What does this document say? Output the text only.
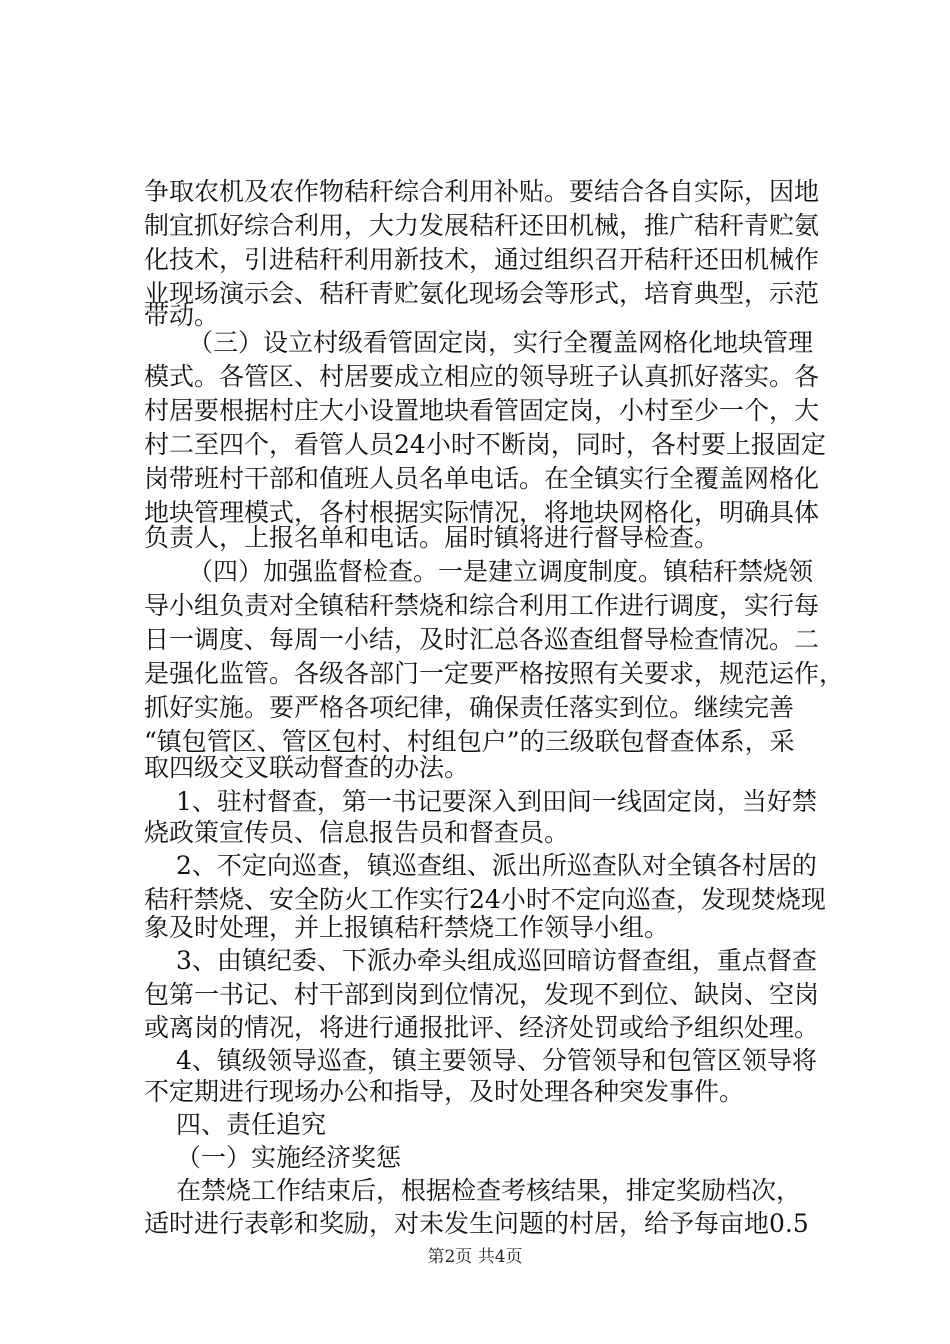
争取农机及农作物秸秆综合利用补贴。要结合各自实际，因地
制宜抓好综合利用，大力发展秸秆还田机械，推广秸秆青贮氨
化技术，引进秸秆利用新技术，通过组织召开秸秆还田机械作
业现场演示会、秸秆青贮氨化现场会等形式，培育典型，示范
带动。
（三）设立村级看管固定岗，实行全覆盖网格化地块管理
模式。各管区、村居要成立相应的领导班子认真抓好落实。各
村居要根据村庄大小设置地块看管固定岗，小村至少一个，大
村二至四个，看管人员24小时不断岗，同时，各村要上报固定
岗带班村干部和值班人员名单电话。在全镇实行全覆盖网格化
地块管理模式，各村根据实际情况，将地块网格化，明确具体
负责人，上报名单和电话。届时镇将进行督导检查。
（四）加强监督检查。一是建立调度制度。镇秸秆禁烧领
导小组负责对全镇秸秆禁烧和综合利用工作进行调度，实行每
日一调度、每周一小结，及时汇总各巡查组督导检查情况。二
是强化监管。各级各部门一定要严格按照有关要求，规范运作，
抓好实施。要严格各项纪律，确保责任落实到位。继续完善
“镇包管区、管区包村、村组包户”的三级联包督查体系，采
取四级交叉联动督查的办法。
1、驻村督查，第一书记要深入到田间一线固定岗，当好禁
烧政策宣传员、信息报告员和督查员。
2、不定向巡查，镇巡查组、派出所巡查队对全镇各村居的
秸秆禁烧、安全防火工作实行24小时不定向巡查，发现焚烧现
象及时处理，并上报镇秸秆禁烧工作领导小组。
3、由镇纪委、下派办牵头组成巡回暗访督查组，重点督查
包第一书记、村干部到岗到位情况，发现不到位、缺岗、空岗
或离岗的情况，将进行通报批评、经济处罚或给予组织处理。
4、镇级领导巡查，镇主要领导、分管领导和包管区领导将
不定期进行现场办公和指导，及时处理各种突发事件。
四、责任追究
（一）实施经济奖惩
在禁烧工作结束后，根据检查考核结果，排定奖励档次，
适时进行表彰和奖励，对未发生问题的村居，给予每亩地0.5
第2页 共4页
